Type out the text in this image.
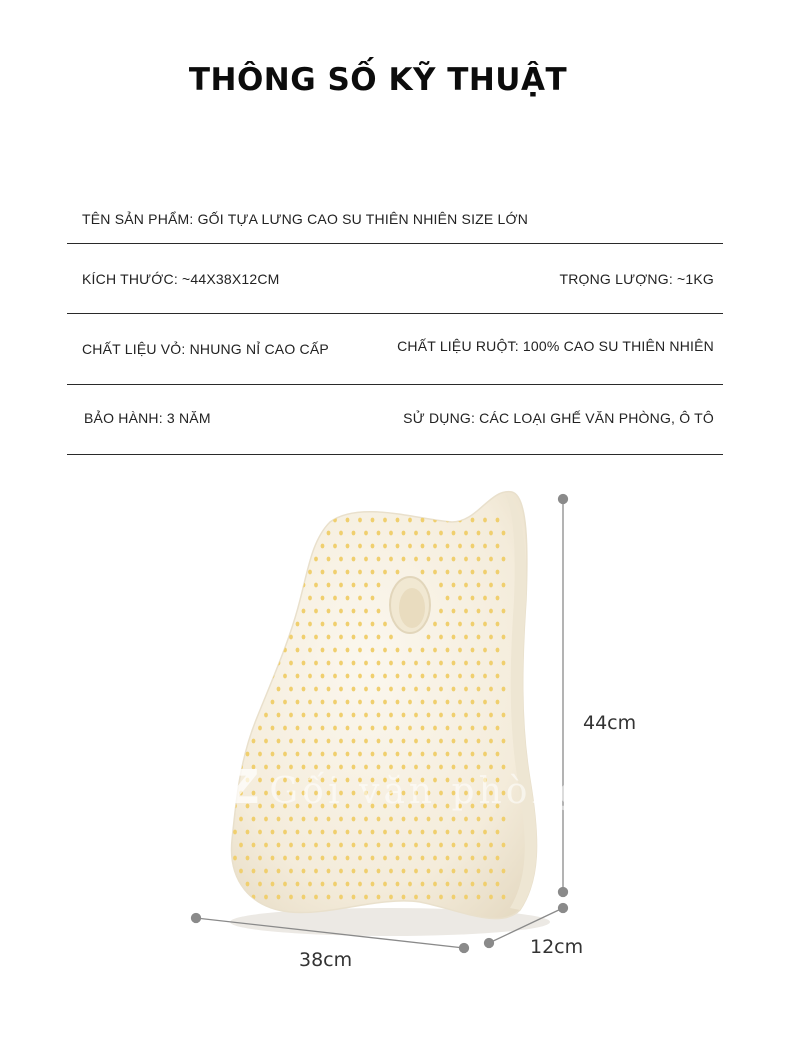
THÔNG SỐ KỸ THUẬT
TÊN SẢN PHẨM: GỐI TỰA LƯNG CAO SU THIÊN NHIÊN SIZE LỚN
KÍCH THƯỚC: ~44X38X12CM	TRỌNG LƯỢNG: ~1KG
CHẤT LIỆU VỎ: NHUNG NỈ CAO CẤP	CHẤT LIỆU RUỘT: 100% CAO SU THIÊN NHIÊN
BẢO HÀNH: 3 NĂM	SỬ DỤNG: CÁC LOẠI GHẾ VĂN PHÒNG, Ô TÔ
Z Gối văn phòng
44cm
38cm
12cm
